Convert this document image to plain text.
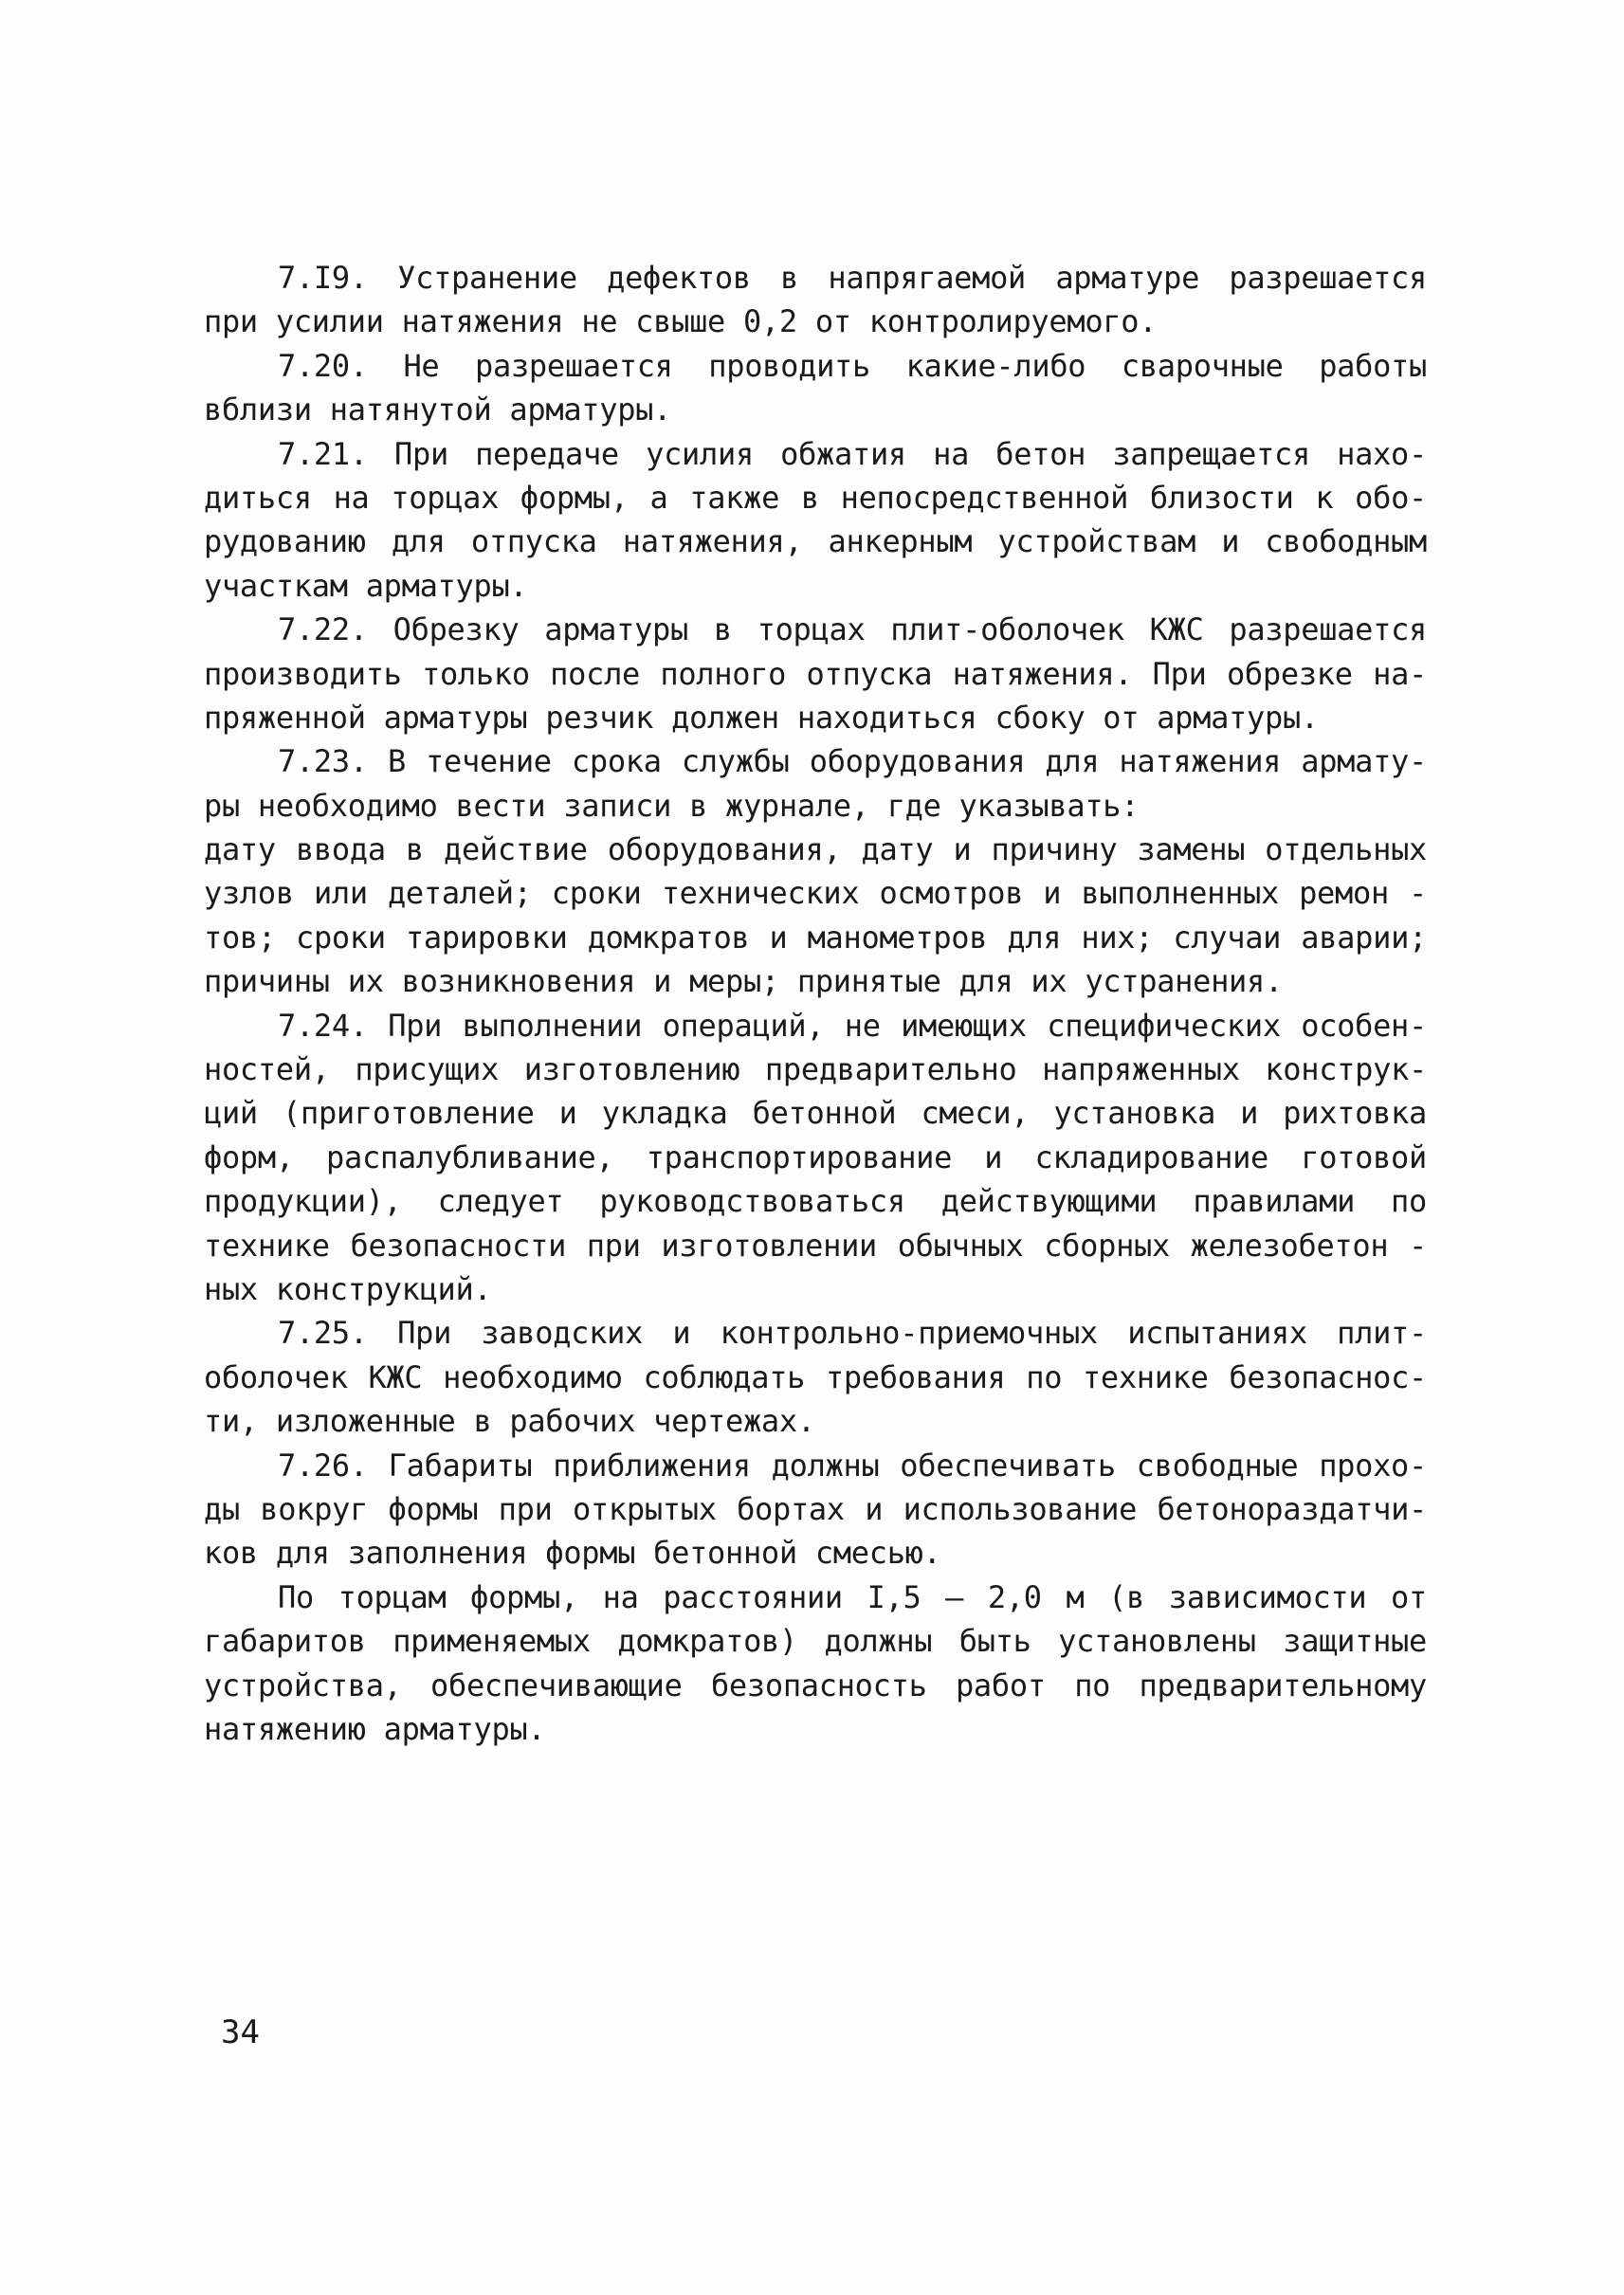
7.I9. Устранение дефектов в напрягаемой арматуре разрешается
при усилии натяжения не свыше 0,2 от контролируемого.
7.20. Не разрешается проводить какие-либо сварочные работы
вблизи натянутой арматуры.
7.21. При передаче усилия обжатия на бетон запрещается нахо-
диться на торцах формы, а также в непосредственной близости к обо-
рудованию для отпуска натяжения, анкерным устройствам и свободным
участкам арматуры.
7.22. Обрезку арматуры в торцах плит-оболочек КЖС разрешается
производить только после полного отпуска натяжения. При обрезке на-
пряженной арматуры резчик должен находиться сбоку от арматуры.
7.23. В течение срока службы оборудования для натяжения армату-
ры необходимо вести записи в журнале, где указывать:
дату ввода в действие оборудования, дату и причину замены отдельных
узлов или деталей; сроки технических осмотров и выполненных ремон -
тов; сроки тарировки домкратов и манометров для них; случаи аварии;
причины их возникновения и меры; принятые для их устранения.
7.24. При выполнении операций, не имеющих специфических особен-
ностей, присущих изготовлению предварительно напряженных конструк-
ций (приготовление и укладка бетонной смеси, установка и рихтовка
форм, распалубливание, транспортирование и складирование готовой
продукции), следует руководствоваться действующими правилами по
технике безопасности при изготовлении обычных сборных железобетон -
ных конструкций.
7.25. При заводских и контрольно-приемочных испытаниях плит-
оболочек КЖС необходимо соблюдать требования по технике безопаснос-
ти, изложенные в рабочих чертежах.
7.26. Габариты приближения должны обеспечивать свободные прохо-
ды вокруг формы при открытых бортах и использование бетонораздатчи-
ков для заполнения формы бетонной смесью.
По торцам формы, на расстоянии I,5 — 2,0 м (в зависимости от
габаритов применяемых домкратов) должны быть установлены защитные
устройства, обеспечивающие безопасность работ по предварительному
натяжению арматуры.
34
